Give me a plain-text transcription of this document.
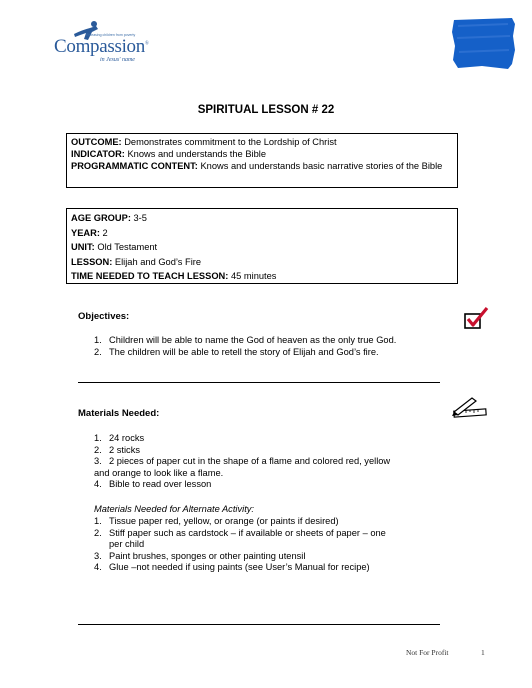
Releasing children from poverty
Compassion®
in Jesus' name
SPIRITUAL LESSON # 22
OUTCOME: Demonstrates commitment to the Lordship of Christ
INDICATOR: Knows and understands the Bible
PROGRAMMATIC CONTENT: Knows and understands basic narrative stories of the Bible
AGE GROUP: 3-5
YEAR: 2
UNIT: Old Testament
LESSON: Elijah and God’s Fire
TIME NEEDED TO TEACH LESSON: 45 minutes
Objectives:
1. Children will be able to name the God of heaven as the only true God.
2. The children will be able to retell the story of Elijah and God’s fire.
Materials Needed:
1. 24 rocks
2. 2 sticks
3. 2 pieces of paper cut in the shape of a flame and colored red, yellow
and orange to look like a flame.
4. Bible to read over lesson
Materials Needed for Alternate Activity:
1. Tissue paper red, yellow, or orange (or paints if desired)
2. Stiff paper such as cardstock – if available or sheets of paper – one
per child
3. Paint brushes, sponges or other painting utensil
4. Glue –not needed if using paints (see User’s Manual for recipe)
Not For Profit	1
